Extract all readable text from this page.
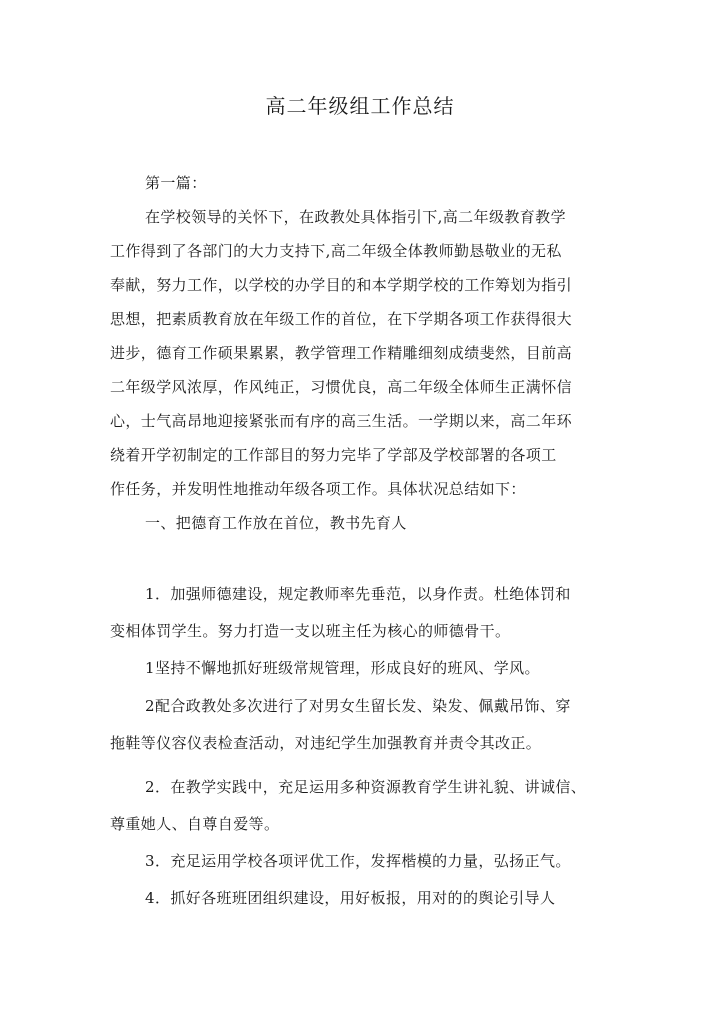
高二年级组工作总结
第一篇：
在学校领导的关怀下，在政教处具体指引下,高二年级教育教学
工作得到了各部门的大力支持下,高二年级全体教师勤恳敬业的无私
奉献，努力工作，以学校的办学目的和本学期学校的工作筹划为指引
思想，把素质教育放在年级工作的首位，在下学期各项工作获得很大
进步，德育工作硕果累累，教学管理工作精雕细刻成绩斐然，目前高
二年级学风浓厚，作风纯正，习惯优良，高二年级全体师生正满怀信
心，士气高昂地迎接紧张而有序的高三生活。一学期以来，高二年环
绕着开学初制定的工作部目的努力完毕了学部及学校部署的各项工
作任务，并发明性地推动年级各项工作。具体状况总结如下：
一、把德育工作放在首位，教书先育人
1．加强师德建设，规定教师率先垂范，以身作责。杜绝体罚和
变相体罚学生。努力打造一支以班主任为核心的师德骨干。
1坚持不懈地抓好班级常规管理，形成良好的班风、学风。
2配合政教处多次进行了对男女生留长发、染发、佩戴吊饰、穿
拖鞋等仪容仪表检查活动，对违纪学生加强教育并责令其改正。
2．在教学实践中，充足运用多种资源教育学生讲礼貌、讲诚信、
尊重她人、自尊自爱等。
3．充足运用学校各项评优工作，发挥楷模的力量，弘扬正气。
4．抓好各班班团组织建设，用好板报，用对的的舆论引导人
